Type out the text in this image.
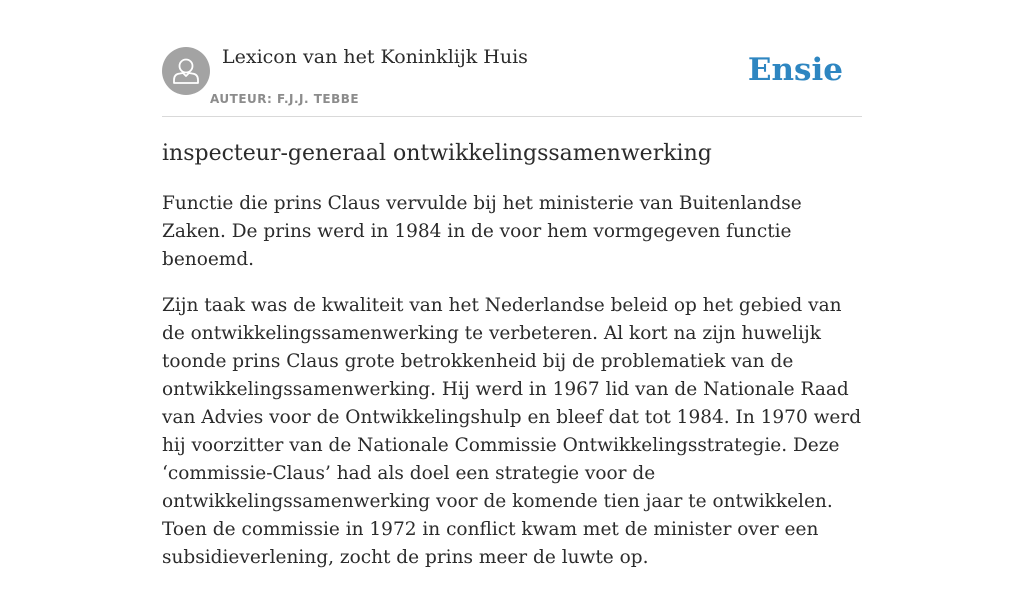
Lexicon van het Koninklijk Huis
AUTEUR: F.J.J. TEBBE
Ensie
inspecteur-generaal ontwikkelingssamenwerking

Functie die prins Claus vervulde bij het ministerie van Buitenlandse Zaken. De prins werd in 1984 in de voor hem vormgegeven functie benoemd.

Zijn taak was de kwaliteit van het Nederlandse beleid op het gebied van de ontwikkelingssamenwerking te verbeteren. Al kort na zijn huwelijk toonde prins Claus grote betrokkenheid bij de problematiek van de ontwikkelingssamenwerking. Hij werd in 1967 lid van de Nationale Raad van Advies voor de Ontwikkelingshulp en bleef dat tot 1984. In 1970 werd hij voorzitter van de Nationale Commissie Ontwikkelingsstrategie. Deze ‘commissie-Claus’ had als doel een strategie voor de ontwikkelingssamenwerking voor de komende tien jaar te ontwikkelen. Toen de commissie in 1972 in conflict kwam met de minister over een subsidieverlening, zocht de prins meer de luwte op.
